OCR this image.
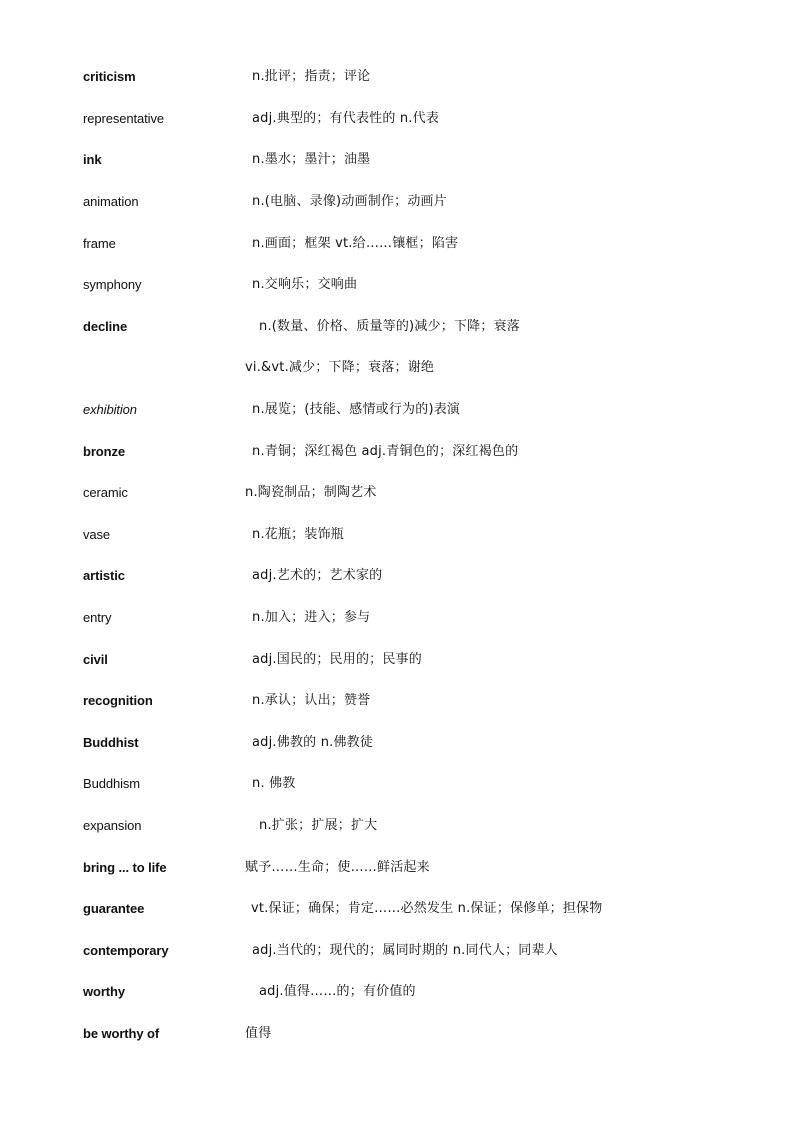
criticism	n.批评；指责；评论
representative	adj.典型的；有代表性的 n.代表
ink	n.墨水；墨汁；油墨
animation	n.(电脑、录像)动画制作；动画片
frame	n.画面；框架 vt.给……镶框；陷害
symphony	n.交响乐；交响曲
decline	n.(数量、价格、质量等的)减少；下降；衰落
vi.&vt.减少；下降；衰落；谢绝
exhibition	n.展览；(技能、感情或行为的)表演
bronze	n.青铜；深红褐色 adj.青铜色的；深红褐色的
ceramic	n.陶瓷制品；制陶艺术
vase	n.花瓶；装饰瓶
artistic	adj.艺术的；艺术家的
entry	n.加入；进入；参与
civil	adj.国民的；民用的；民事的
recognition	n.承认；认出；赞誉
Buddhist	adj.佛教的 n.佛教徒
Buddhism	n. 佛教
expansion	n.扩张；扩展；扩大
bring ... to life	赋予……生命；使……鲜活起来
guarantee	vt.保证；确保；肯定……必然发生 n.保证；保修单；担保物
contemporary	adj.当代的；现代的；属同时期的 n.同代人；同辈人
worthy	adj.值得……的；有价值的
be worthy of	值得
